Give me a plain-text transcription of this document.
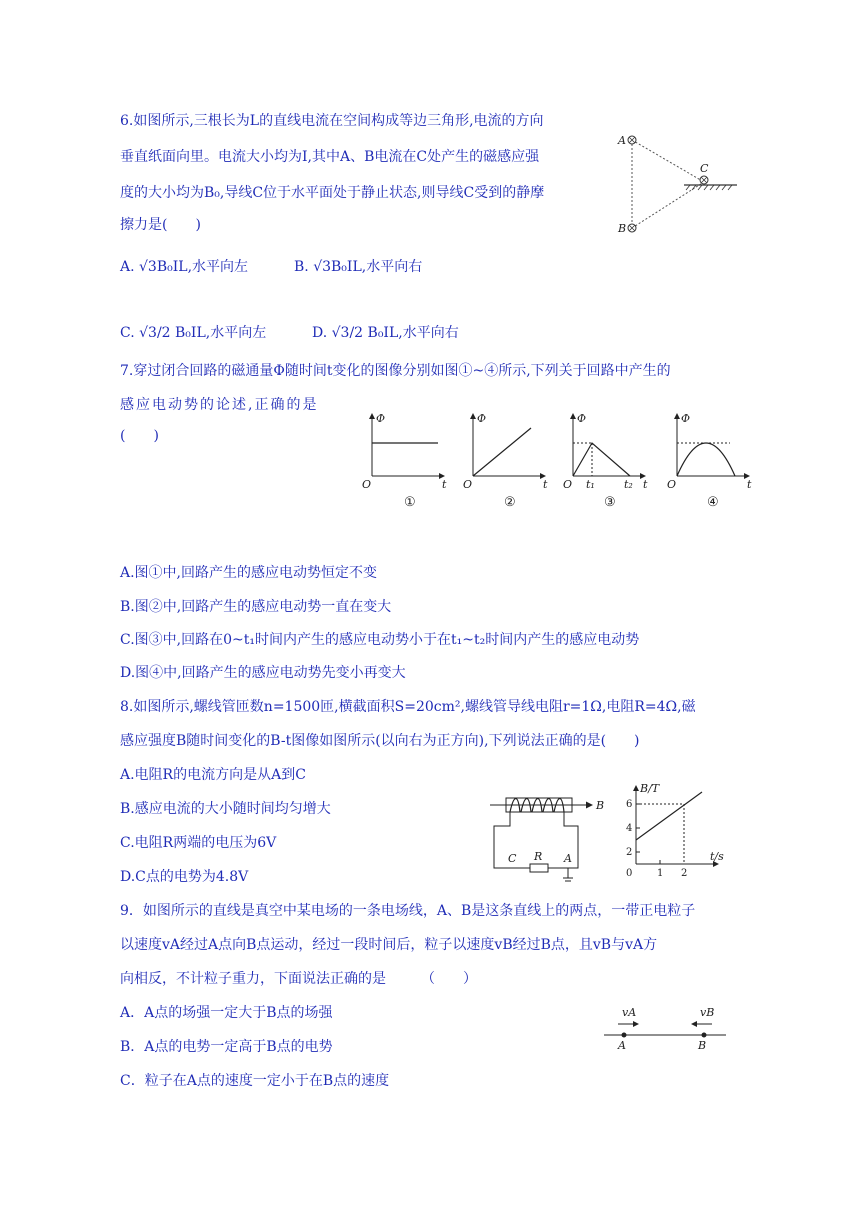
6.如图所示,三根长为L的直线电流在空间构成等边三角形,电流的方向
垂直纸面向里。电流大小均为I,其中A、B电流在C处产生的磁感应强
度的大小均为B₀,导线C位于水平面处于静止状态,则导线C受到的静摩
擦力是(　　)
A
B
C
A. √3B₀IL,水平向左	B. √3B₀IL,水平向右
C. √3/2 B₀IL,水平向左	D. √3/2 B₀IL,水平向右
7.穿过闭合回路的磁通量Φ随时间t变化的图像分别如图①~④所示,下列关于回路中产生的
感应电动势的论述,正确的是
(　　)
Φ
t
O
Φ
t
O
Φ
t
O t₁	t₂
Φ
t
O
①	②	③	④
A.图①中,回路产生的感应电动势恒定不变
B.图②中,回路产生的感应电动势一直在变大
C.图③中,回路在0~t₁时间内产生的感应电动势小于在t₁~t₂时间内产生的感应电动势
D.图④中,回路产生的感应电动势先变小再变大
8.如图所示,螺线管匝数n=1500匝,横截面积S=20cm²,螺线管导线电阻r=1Ω,电阻R=4Ω,磁
感应强度B随时间变化的B-t图像如图所示(以向右为正方向),下列说法正确的是(　　)
A.电阻R的电流方向是从A到C
B.感应电流的大小随时间均匀增大
C.电阻R两端的电压为6V
D.C点的电势为4.8V
B
C R A
B/T
t/s
0
2
4
6
1 2
9．如图所示的直线是真空中某电场的一条电场线，A、B是这条直线上的两点，一带正电粒子
以速度vA经过A点向B点运动，经过一段时间后，粒子以速度vB经过B点，且vB与vA方
向相反，不计粒子重力，下面说法正确的是　　　（　　）
A．A点的场强一定大于B点的场强
B．A点的电势一定高于B点的电势
C．粒子在A点的速度一定小于在B点的速度
vA	vB
A	B
